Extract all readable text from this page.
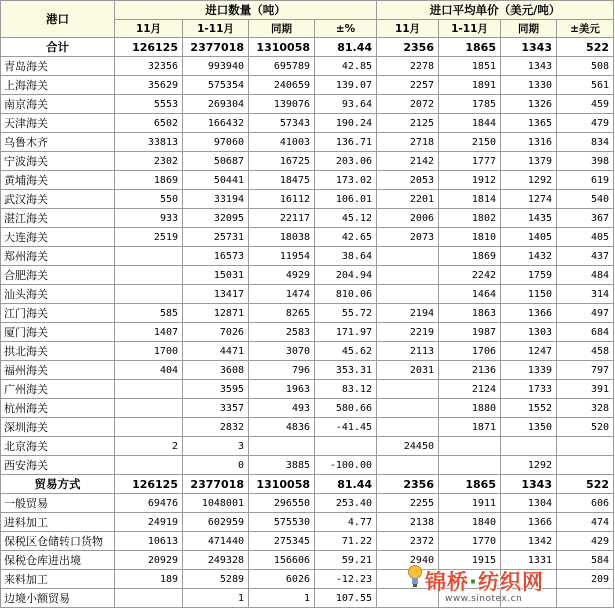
港口	进口数量（吨）				进口平均单价（美元/吨）			
	11月	1-11月	同期	±%	11月	1-11月	同期	±美元
合计	126125	2377018	1310058	81.44	2356	1865	1343	522
青岛海关	32356	993940	695789	42.85	2278	1851	1343	508
上海海关	35629	575354	240659	139.07	2257	1891	1330	561
南京海关	5553	269304	139076	93.64	2072	1785	1326	459
天津海关	6502	166432	57343	190.24	2125	1844	1365	479
乌鲁木齐	33813	97060	41003	136.71	2718	2150	1316	834
宁波海关	2302	50687	16725	203.06	2142	1777	1379	398
黄埔海关	1869	50441	18475	173.02	2053	1912	1292	619
武汉海关	550	33194	16112	106.01	2201	1814	1274	540
湛江海关	933	32095	22117	45.12	2006	1802	1435	367
大连海关	2519	25731	18038	42.65	2073	1810	1405	405
郑州海关		16573	11954	38.64		1869	1432	437
合肥海关		15031	4929	204.94		2242	1759	484
汕头海关		13417	1474	810.06		1464	1150	314
江门海关	585	12871	8265	55.72	2194	1863	1366	497
厦门海关	1407	7026	2583	171.97	2219	1987	1303	684
拱北海关	1700	4471	3070	45.62	2113	1706	1247	458
福州海关	404	3608	796	353.31	2031	2136	1339	797
广州海关		3595	1963	83.12		2124	1733	391
杭州海关		3357	493	580.66		1880	1552	328
深圳海关		2832	4836	-41.45		1871	1350	520
北京海关	2	3			24450			
西安海关		0	3885	-100.00			1292	
贸易方式	126125	2377018	1310058	81.44	2356	1865	1343	522
一般贸易	69476	1048001	296550	253.40	2255	1911	1304	606
进料加工	24919	602959	575530	4.77	2138	1840	1366	474
保税区仓储转口货物	10613	471440	275345	71.22	2372	1770	1342	429
保税仓库进出境	20929	249328	156606	59.21	2940	1915	1331	584
来料加工	189	5289	6026	-12.23				209
边境小额贸易		1	1	107.55				
锦桥·纺织网
www.sinotex.cn
